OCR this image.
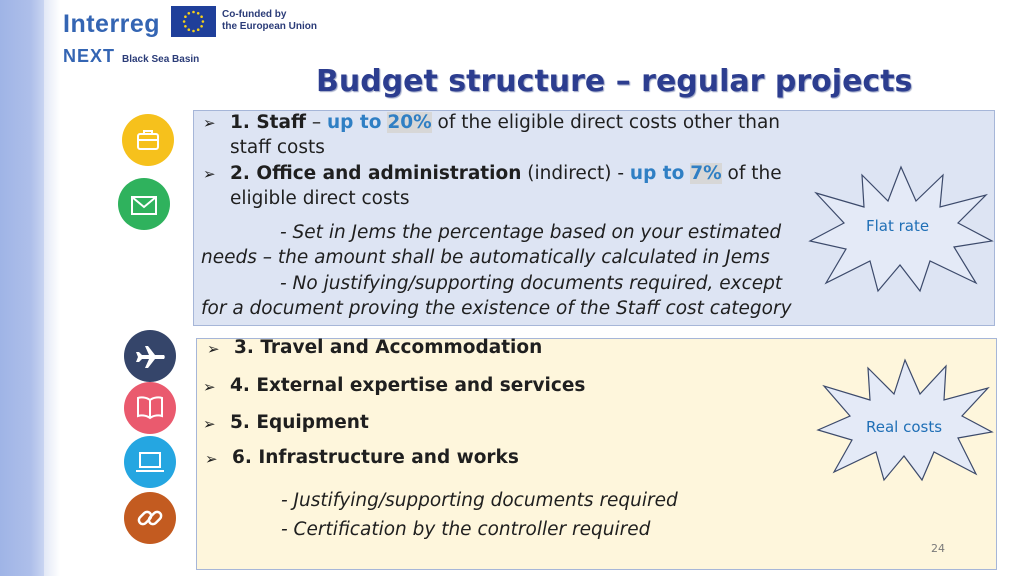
Interreg	Co-funded by
the European Union
NEXT Black Sea Basin
Budget structure – regular projects
➢ 1. Staff – up to 20% of the eligible direct costs other than
staff costs
➢ 2. Office and administration (indirect) - up to 7% of the
eligible direct costs
- Set in Jems the percentage based on your estimated
needs – the amount shall be automatically calculated in Jems
- No justifying/supporting documents required, except
for a document proving the existence of the Staff cost category
Flat rate
➢ 3. Travel and Accommodation
➢ 4. External expertise and services
➢ 5. Equipment
➢ 6. Infrastructure and works
- Justifying/supporting documents required
- Certification by the controller required
Real costs
24
